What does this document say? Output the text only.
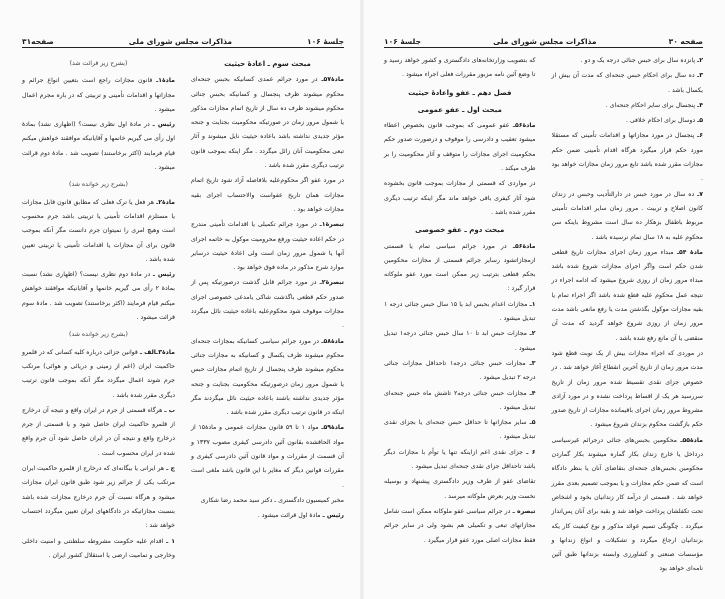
جلسهٔ ۱۰۶
مذاکرات مجلس شورای ملی
صفحه۳۱

مبحث سوم ـ اعادهٔ حیثیت

مادهٔ۵۷ـ در مورد جرائم عمدی کسانیکه بحبس جنحه‌ای محکوم میشوند ظرف پنجسال و کسانیکه بحبس جنائی محکوم میشوند ظرف ده سال از تاریخ اتمام مجازات مذکور یا شمول مرور زمان در صورتیکه محکومیت بجنایت و جنحه مؤثر جدیدی نداشته باشد باعاده حیثیت نایل میشوند و آثار تبعی محکومیت آنان زائل میگردد . مگر اینکه بموجب قانون ترتیب دیگری مقرر شده باشد .

در مورد عفو اگر محکوم‌علیه بلافاصله آزاد شود تاریخ اتمام مجازات همان تاریخ عفواست والاحتساب اجرای بقیه مجازات خواهد بود .

تبصرهٔ۱ـ در مورد جرائم تکمیلی یا اقدامات تأمینی مندرج در حکم اعاده حیثیت ورفع محرومیت موکول به خاتمه اجرای آنها یا شمول مرور زمان است ولی اعادهٔ حیثیت درسایر موارد شرح مذکور در ماده فوق خواهد بود .

تبصرهٔ۲ـ در مورد جرائم قابل گذشت درصورتیکه پس از صدور حکم قطعی باگذشت شاکی یامدعی خصوصی اجرای مجازات موقوف شود محکوم‌علیه باعاده حیثیت نائل میگردد .

مادهٔ۵۸ـ در مورد جرائم سیاسی کسانیکه بمجازات جنحه‌ای محکوم میشوند ظرف یکسال و کسانیکه به مجازات جنائی محکوم میشوند ظرف پنجسال از تاریخ اتمام مجازات حبس یا شمول مرور زمان درصورتیکه محکومیت بجنایت و جنحه مؤثر جدیدی نداشته باشند باعاده حیثیت نائل میگردند مگر اینکه در قانون ترتیب دیگری مقرر شده باشد .

مادهٔ۵۹ـ مواد ۱ تا ۵۹ قانون مجازات عمومی و مادهٔ۱۵ از مواد الحاقشده بقانون آئین دادرسی کیفری مصوب ۱۳۳۷ و آن قسمت از مقررات و مواد قانون آئین دادرسی کیفری و مقررات قوانین دیگر که مغایر با این قانون باشد ملغی است .

مخبر کمیسیون دادگستری ـ دکتر سید محمد رضا شکاری

رئیس ـ مادهٔ اول قرائت میشود .

(بشرح زیر قرائت شد)

مادهٔ۱ـ قانون مجازات راجع است بتعیین انواع جرائم و مجازاتها و اقدامات تأمینی و تربیتی که در باره مجرم اعمال میشود .

رئیس ـ در مادهٔ اول نظری نیست؟ (اظهاری نشد) بمادهٔ اول رأی می گیریم خانمها و آقایانیکه موافقند خواهش میکنم قیام فرمایند (اکثر برخاستند) تصویب شد . مادهٔ دوم قرائت میشود .

(بشرح زیر خوانده شد)

مادهٔ۲ـ هر فعل یا ترک فعلی که مطابق قانون قابل مجازات یا مستلزم اقدامات تأمینی یا تربیتی باشد جرم محسوب است وهیچ امری را نمیتوان جرم دانست مگر آنکه بموجب قانون برای آن مجازات یا اقدامات تأمینی یا تربیتی تعیین شده باشد .

رئیس ـ در مادهٔ دوم نظری نیست؟ (اظهاری نشد) نسبت بمادهٔ ۲ رأی می گیریم خانمها و آقایانیکه موافقند خواهش میکنم قیام فرمایند (اکثر برخاستند) تصویب شد . مادهٔ سوم قرائت میشود .

(بشرح زیر خوانده شد)

مادهٔ۳ـالف ـ قوانین جزائی درباره کلیه کسانی که در قلمرو حاکمیت ایران (اعم از زمینی و دریائی و هوائی) مرتکب جرم شوند اعمال میگردد مگر آنکه بموجب قانون ترتیب دیگری مقرر شده باشد .

ب ـ هرگاه قسمتی از جرم در ایران واقع و نتیجه آن درخارج از قلمرو حاکمیت ایران حاصل شود و یا قسمتی از جرم درخارج واقع و نتیجه آن در ایران حاصل شود آن جرم واقع شده در ایران محسوب است .

ج ـ هر ایرانی یا بیگانه‌ای که درخارج از قلمرو حاکمیت ایران مرتکب یکی از جرائم زیر شود طبق قانون ایران مجازات میشود و هرگاه نسبت آن جرم درخارج مجازات شده باشد بنسبت مجازاتیکه در دادگاههای ایران تعیین میگردد احتساب خواهد شد :

۱ ـ اقدام علیه حکومت مشروطه سلطنتی و امنیت داخلی وخارجی و تمامیت ارضی یا استقلال کشور ایران .

صفحه ۳۰
مذاکرات مجلس شورای ملی
جلسهٔ ۱۰۶

۲ـ پانزده سال برای حبس جنائی درجه یک و دو .

۳ـ ده سال برای احکام حبس جنحه‌ای که مدت آن بیش از یکسال باشد .

۴ـ پنجسال برای سایر احکام جنحه‌ای .

۵ـ دوسال برای احکام خلافی .

۶ـ پنجسال در مورد مجازاتها و اقدامات تأمینی که مستقلا مورد حکم قرار میگیرد هرگاه اقدام تأمینی ضمن حکم مجازات مقرر شده باشد تابع مرور زمان مجازات خواهد بود .

۷ـ ده سال در مورد حبس در دارالتأدیب وحبس در زندان کانون اصلاح و تربیت . مرور زمان سایر اقدامات تأمینی مربوط باطفال بزهکار ده سال است مشروط باینکه سن محکوم علیه به ۱۸ سال تمام نرسیده باشد .

مادهٔ ۵۴ـ مبداء مرور زمان اجرای مجازات تاریخ قطعی شدن حکم است واگر اجرای مجازات شروع شده باشد مبداء مرور زمان از روزی شروع میشود که ادامه اجراء در نتیجه عمل محکوم علیه قطع شده باشد اگر اجراء تمام یا بقیه مجازات موکول بگذشتن مدت یا رفع مانعی باشد مدت مرور زمان از روزی شروع خواهد گردید که مدت آن منقضی یا آن مانع رفع شده باشد .

در موردی که اجراء مجازات بیش از یک نوبت قطع شود مدت مرور زمان از تاریخ آخرین انقطاع آغاز خواهد شد . در خصوص جزای نقدی تقسیط شده مرور زمان از تاریخ سررسید هر یک از اقساط پرداخت نشده و در مورد آزادی مشروط مرور زمان اجرای باقیمانده مجازات از تاریخ صدور حکم بازگشت محکوم بزندان شروع میشود .

مادهٔ۵۵ـ محکومین بحبس‌های جنائی درجرائم غیرسیاسی درداخل یا خارج زندان بکار گماره میشوند بکار گماردن محکومین بحبس‌های جنحه‌ای بتقاضای آنان یا بنظر دادگاه است که ضمن حکم مجازات و یا بموجب تصمیم بعدی مقرر خواهد شد . قسمتی از درآمد کار زندانیان بخود و اشخاص تحت تکفلشان پرداخت خواهد شد و بقیه برای آنان پس‌انداز میگردد . چگونگی تسیم عوائد مذکور و نوع کیفیت کار یکه بزندانیان ارجاع میگردد و تشکیلات و انواع زندانها و مؤسسات صنعتی و کشاورزی وابسته بزندانها طبق آئین نامه‌ای خواهد بود

که بتصویب وزارتخانه‌های دادگستری و کشور خواهد رسید و تا وضع آئین نامه مزبور مقررات فعلی اجراء میشود .

فصل دهم ـ عفو واعادهٔ حیثیت

مبحث اول ـ عفو عمومی

مادهٔ۵۶ـ عفو عمومی که بموجب قانون بخصوص اعطاء میشود تعقیب و دادرسی را موقوف و درصورت صدور حکم محکومیت اجرای مجازات را متوقف و آثار محکومیت را بر طرف میکند .

در مواردی که قسمتی از مجازات بموجب قانون بخشوده شود آثار کیفری باقی خواهد ماند مگر اینکه ترتیب دیگری مقرر شده باشد .

مبحث دوم ـ عفو خصوصی

مادهٔ۵۶ـ در مورد جرائم سیاسی تمام یا قسمتی ازمجازاتشود رسایر جرائم قسمتی از مجازات محکومین بحکم قطعی بترتیب زیر ممکن است مورد عفو ملوکانه قرار گیرد :

۱ـ مجازات اعدام بحبس ابد یا ۱۵ سال حبس جنائی درجه ۱ تبدیل میشود .

۲ـ مجازات حبس ابد تا ۱۰ سال حبس جنائی درجه۱ تبدیل میشود .

۳ـ مجازات حبس جنائی درجه۱ تاحداقل مجازات جنائی درجه ۲ تبدیل میشود .

۴ـ مجازات حبس جنائی درجه۲ تاشش ماه حبس جنحه‌ای تبدیل میشود .

۵ـ سایر مجازاتها تا حداقل حبس جنحه‌ای یا بجزای نقدی تبدیل میشود .

۶ ـ جزای نقدی اعم ازاینکه تنها یا توأم با مجازات دیگر باشد تاحداقل جزای نقدی جنحه‌ای تبدیل میشود .

تقاضای عفو از طرف وزیر دادگستری پیشنهاد و بوسیله نخست وزیر بعرض ملوکانه میرسد .

تبصره ـ در جرائم سیاسی عفو ملوکانه ممکن است شامل مجازاتهای تبعی و تکمیلی هم بشود ولی در سایر جرائم فقط مجازات اصلی مورد عفو قرار میگیرد .
